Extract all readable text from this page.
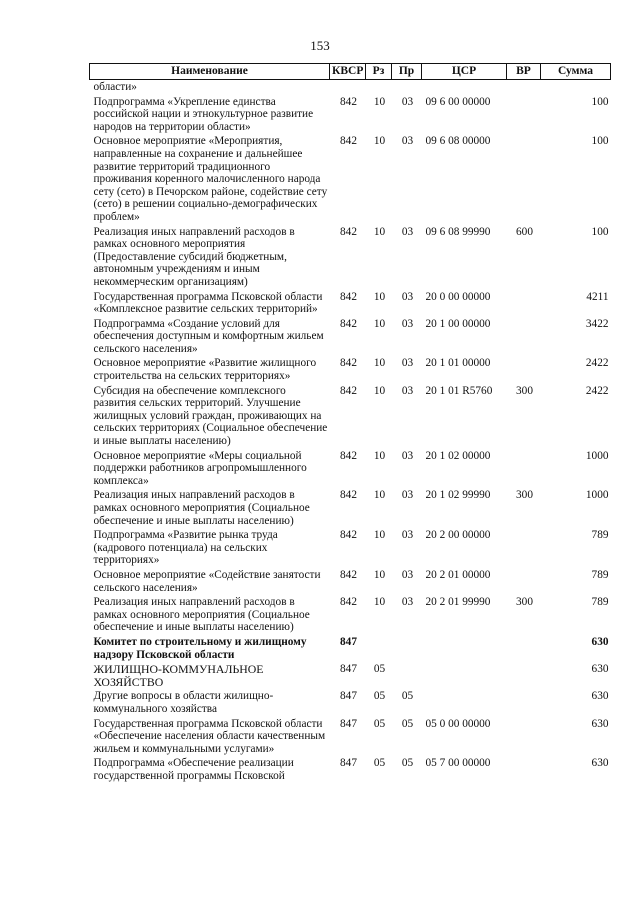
153
Наименование	КВСР	Рз	Пр	ЦСР	ВР	Сумма
области»						
Подпрограмма «Укрепление единства российской нации и этнокультурное развитие народов на территории области»	842	10	03	09 6 00 00000		100
Основное мероприятие «Мероприятия, направленные на сохранение и дальнейшее развитие территорий традиционного проживания коренного малочисленного народа сету (сето) в Печорском районе, содействие сету (сето) в решении социально-демографических проблем»	842	10	03	09 6 08 00000		100
Реализация иных направлений расходов в рамках основного мероприятия (Предоставление субсидий бюджетным, автономным учреждениям и иным некоммерческим организациям)	842	10	03	09 6 08 99990	600	100
Государственная программа Псковской области «Комплексное развитие сельских территорий»	842	10	03	20 0 00 00000		4211
Подпрограмма «Создание условий для обеспечения доступным и комфортным жильем сельского населения»	842	10	03	20 1 00 00000		3422
Основное мероприятие «Развитие жилищного строительства на сельских территориях»	842	10	03	20 1 01 00000		2422
Субсидия на обеспечение комплексного развития сельских территорий. Улучшение жилищных условий граждан, проживающих на сельских территориях (Социальное обеспечение и иные выплаты населению)	842	10	03	20 1 01 R5760	300	2422
Основное мероприятие «Меры социальной поддержки работников агропромышленного комплекса»	842	10	03	20 1 02 00000		1000
Реализация иных направлений расходов в рамках основного мероприятия (Социальное обеспечение и иные выплаты населению)	842	10	03	20 1 02 99990	300	1000
Подпрограмма «Развитие рынка труда (кадрового потенциала) на сельских территориях»	842	10	03	20 2 00 00000		789
Основное мероприятие «Содействие занятости сельского населения»	842	10	03	20 2 01 00000		789
Реализация иных направлений расходов в рамках основного мероприятия (Социальное обеспечение и иные выплаты населению)	842	10	03	20 2 01 99990	300	789
Комитет по строительному и жилищному надзору Псковской области	847					630
ЖИЛИЩНО-КОММУНАЛЬНОЕ ХОЗЯЙСТВО	847	05				630
Другие вопросы в области жилищно-коммунального хозяйства	847	05	05			630
Государственная программа Псковской области «Обеспечение населения области качественным жильем и коммунальными услугами»	847	05	05	05 0 00 00000		630
Подпрограмма «Обеспечение реализации государственной программы Псковской	847	05	05	05 7 00 00000		630
